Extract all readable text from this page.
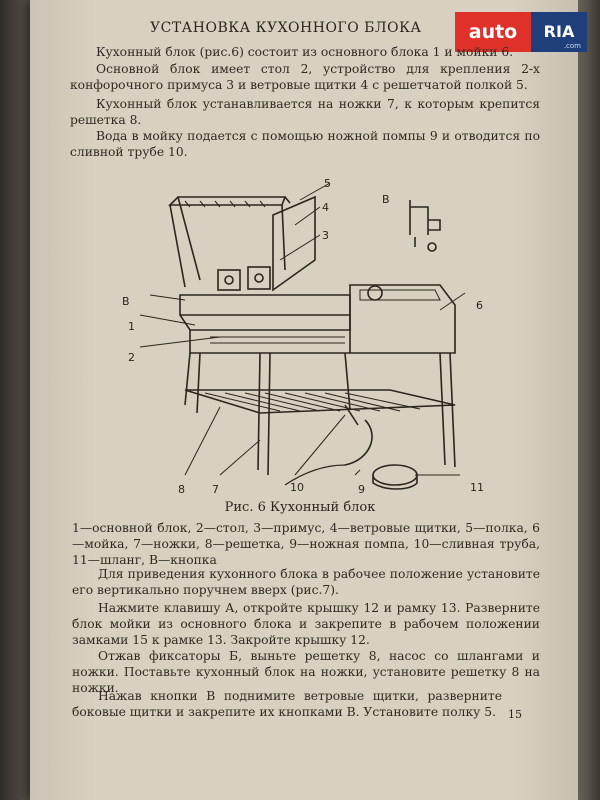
УСТАНОВКА КУХОННОГО БЛОКА	auto	RIA
.com

Кухонный блок (рис.6) состоит из основного блока 1 и мойки 6.

Основной блок имеет стол 2, устройство для крепления 2-х конфорочного примуса 3 и ветровые щитки 4 с решетчатой полкой 5.

Кухонный блок устанавливается на ножки 7, к которым крепится решетка 8.

Вода в мойку подается с помощью ножной помпы 9 и отводится по сливной трубе 10.

5
4
3
В
1
2
6
В
8 7	10	9	11
Рис. 6 Кухонный блок

1—основной блок, 2—стол, 3—примус, 4—ветровые щитки, 5—полка, 6—мойка, 7—ножки, 8—решетка, 9—ножная помпа, 10—сливная труба, 11—шланг, В—кнопка

Для приведения кухонного блока в рабочее положение установите его вертикально поручнем вверх (рис.7).

Нажмите клавишу А, откройте крышку 12 и рамку 13. Разверните блок мойки из основного блока и закрепите в рабочем положении замками 15 к рамке 13. Закройте крышку 12.

Отжав фиксаторы Б, выньте решетку 8, насос со шлангами и ножки. Поставьте кухонный блок на ножки, установите решетку 8 на ножки.

Нажав кнопки В поднимите ветровые щитки, разверните боковые щитки и закрепите их кнопками В. Установите полку 5.	15
